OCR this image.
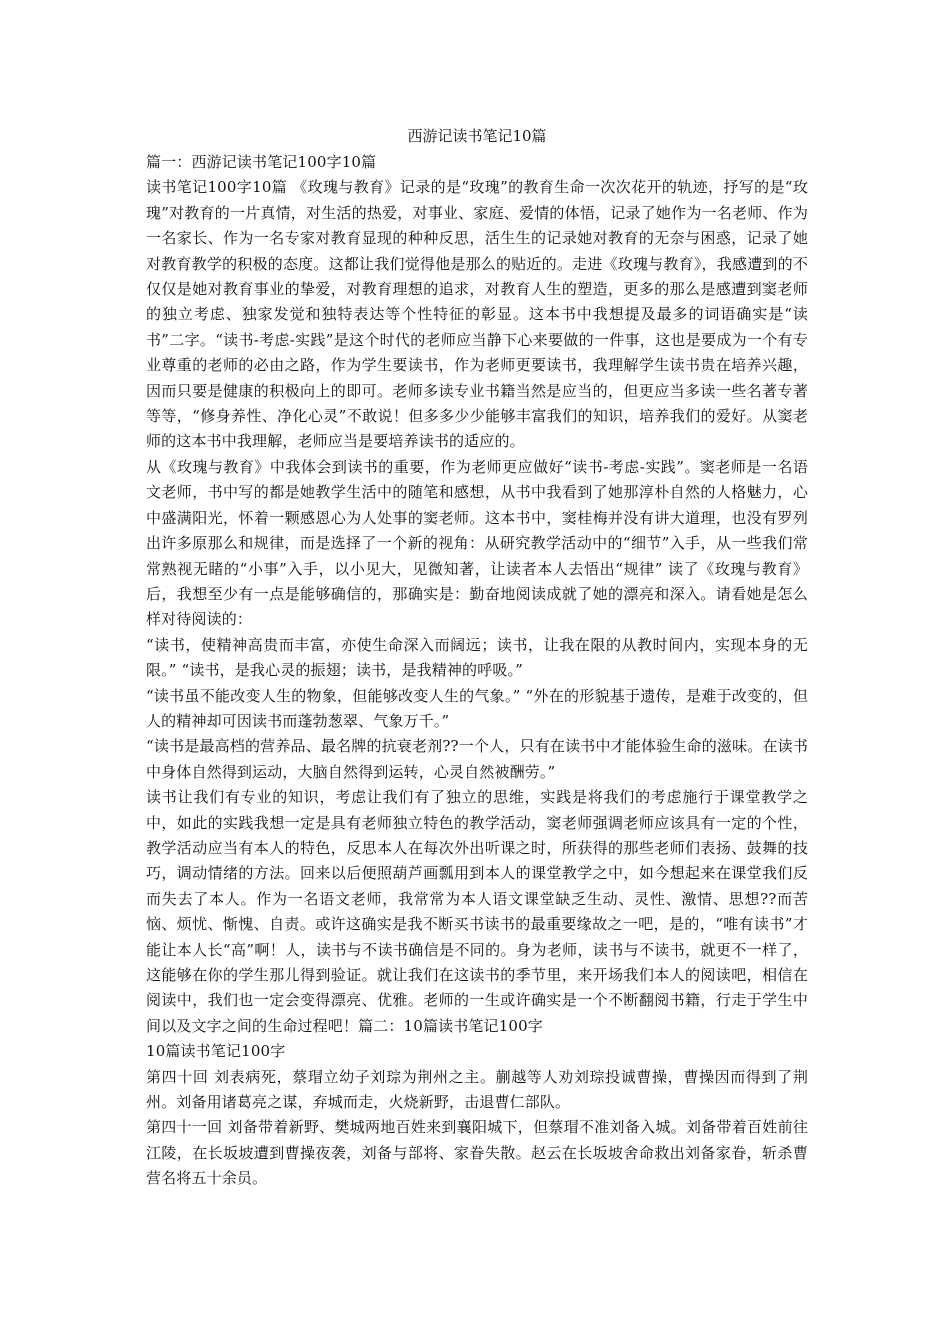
西游记读书笔记10篇

篇一：西游记读书笔记100字10篇

读书笔记100字10篇 《玫瑰与教育》记录的是“玫瑰”的教育生命一次次花开的轨迹，抒写的是“玫瑰”对教育的一片真情，对生活的热爱，对事业、家庭、爱情的体悟，记录了她作为一名老师、作为一名家长、作为一名专家对教育显现的种种反思，活生生的记录她对教育的无奈与困惑，记录了她对教育教学的积极的态度。这都让我们觉得他是那么的贴近的。走进《玫瑰与教育》，我感遭到的不仅仅是她对教育事业的挚爱，对教育理想的追求，对教育人生的塑造，更多的那么是感遭到窦老师的独立考虑、独家发觉和独特表达等个性特征的彰显。这本书中我想提及最多的词语确实是“读书”二字。“读书-考虑-实践”是这个时代的老师应当静下心来要做的一件事，这也是要成为一个有专业尊重的老师的必由之路，作为学生要读书，作为老师更要读书，我理解学生读书贵在培养兴趣，因而只要是健康的积极向上的即可。老师多读专业书籍当然是应当的，但更应当多读一些名著专著等等，“修身养性、净化心灵”不敢说！但多多少少能够丰富我们的知识，培养我们的爱好。从窦老师的这本书中我理解，老师应当是要培养读书的适应的。

从《玫瑰与教育》中我体会到读书的重要，作为老师更应做好“读书-考虑-实践”。窦老师是一名语文老师，书中写的都是她教学生活中的随笔和感想，从书中我看到了她那淳朴自然的人格魅力，心中盛满阳光，怀着一颗感恩心为人处事的窦老师。这本书中，窦桂梅并没有讲大道理，也没有罗列出许多原那么和规律，而是选择了一个新的视角：从研究教学活动中的“细节”入手，从一些我们常常熟视无睹的“小事”入手，以小见大，见微知著，让读者本人去悟出“规律” 读了《玫瑰与教育》后，我想至少有一点是能够确信的，那确实是：勤奋地阅读成就了她的漂亮和深入。请看她是怎么样对待阅读的：

“读书，使精神高贵而丰富，亦使生命深入而阔远；读书，让我在限的从教时间内，实现本身的无限。” “读书，是我心灵的振翅；读书，是我精神的呼吸。”

“读书虽不能改变人生的物象，但能够改变人生的气象。” “外在的形貌基于遗传，是难于改变的，但人的精神却可因读书而蓬勃葱翠、气象万千。”

“读书是最高档的营养品、最名牌的抗衰老剂??一个人，只有在读书中才能体验生命的滋味。在读书中身体自然得到运动，大脑自然得到运转，心灵自然被酬劳。”

读书让我们有专业的知识，考虑让我们有了独立的思维，实践是将我们的考虑施行于课堂教学之中，如此的实践我想一定是具有老师独立特色的教学活动，窦老师强调老师应该具有一定的个性，教学活动应当有本人的特色，反思本人在每次外出听课之时，所获得的那些老师们表扬、鼓舞的技巧，调动情绪的方法。回来以后便照葫芦画瓢用到本人的课堂教学之中，如今想起来在课堂我们反而失去了本人。作为一名语文老师，我常常为本人语文课堂缺乏生动、灵性、激情、思想??而苦恼、烦忧、惭愧、自责。或许这确实是我不断买书读书的最重要缘故之一吧，是的，“唯有读书”才能让本人长“高”啊！人，读书与不读书确信是不同的。身为老师，读书与不读书，就更不一样了，这能够在你的学生那儿得到验证。就让我们在这读书的季节里，来开场我们本人的阅读吧，相信在阅读中，我们也一定会变得漂亮、优雅。老师的一生或许确实是一个不断翻阅书籍，行走于学生中间以及文字之间的生命过程吧！篇二：10篇读书笔记100字

10篇读书笔记100字

第四十回 刘表病死，蔡瑁立幼子刘琮为荆州之主。蒯越等人劝刘琮投诚曹操，曹操因而得到了荆州。刘备用诸葛亮之谋，弃城而走，火烧新野，击退曹仁部队。

第四十一回 刘备带着新野、樊城两地百姓来到襄阳城下，但蔡瑁不准刘备入城。刘备带着百姓前往江陵，在长坂坡遭到曹操夜袭，刘备与部将、家眷失散。赵云在长坂坡舍命救出刘备家眷，斩杀曹营名将五十余员。
